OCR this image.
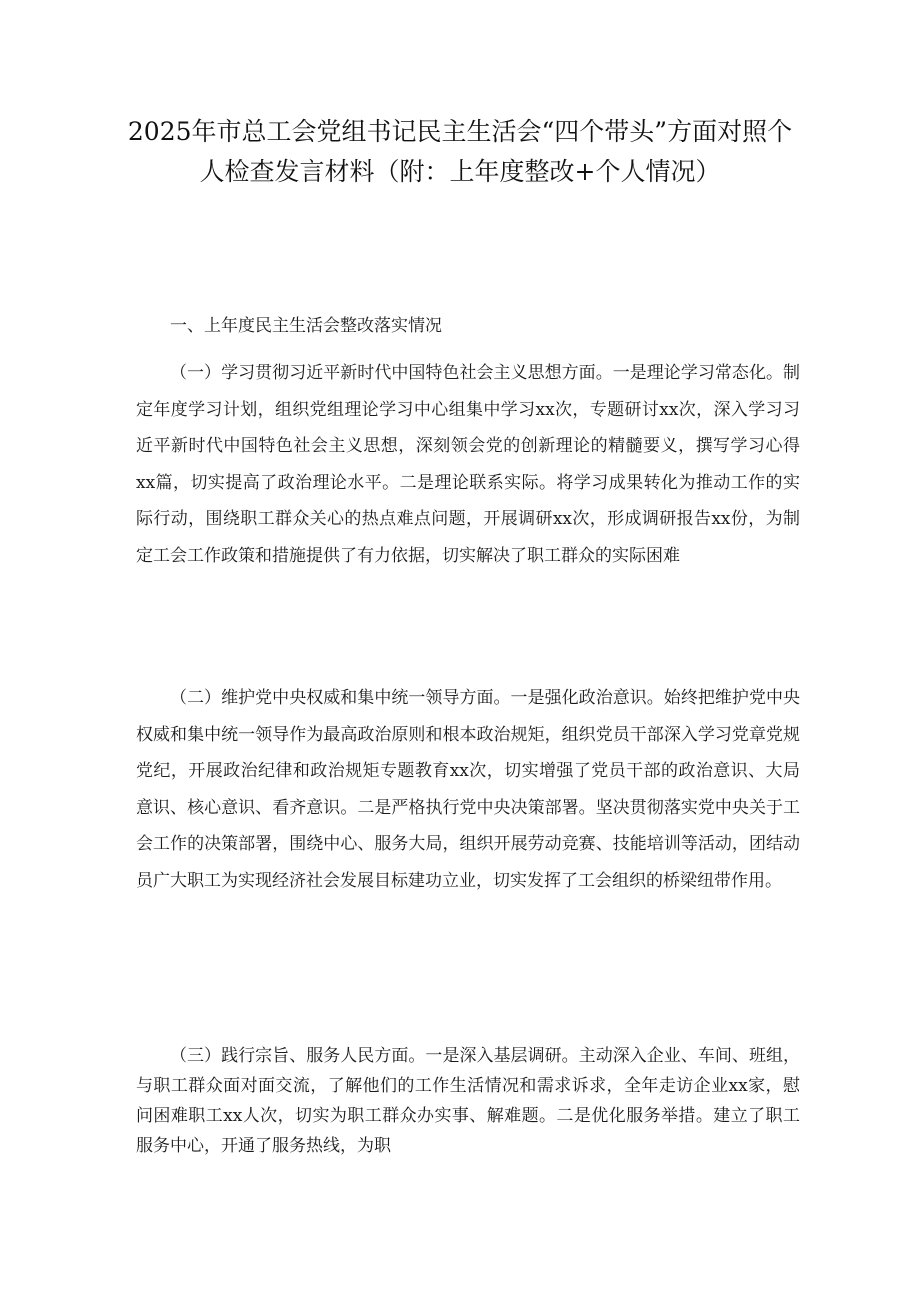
2025年市总工会党组书记民主生活会“四个带头”方面对照个人检查发言材料（附：上年度整改+个人情况）

一、上年度民主生活会整改落实情况

（一）学习贯彻习近平新时代中国特色社会主义思想方面。一是理论学习常态化。制定年度学习计划，组织党组理论学习中心组集中学习xx次，专题研讨xx次，深入学习习近平新时代中国特色社会主义思想，深刻领会党的创新理论的精髓要义，撰写学习心得xx篇，切实提高了政治理论水平。二是理论联系实际。将学习成果转化为推动工作的实际行动，围绕职工群众关心的热点难点问题，开展调研xx次，形成调研报告xx份，为制定工会工作政策和措施提供了有力依据，切实解决了职工群众的实际困难

（二）维护党中央权威和集中统一领导方面。一是强化政治意识。始终把维护党中央权威和集中统一领导作为最高政治原则和根本政治规矩，组织党员干部深入学习党章党规党纪，开展政治纪律和政治规矩专题教育xx次，切实增强了党员干部的政治意识、大局意识、核心意识、看齐意识。二是严格执行党中央决策部署。坚决贯彻落实党中央关于工会工作的决策部署，围绕中心、服务大局，组织开展劳动竞赛、技能培训等活动，团结动员广大职工为实现经济社会发展目标建功立业，切实发挥了工会组织的桥梁纽带作用。

（三）践行宗旨、服务人民方面。一是深入基层调研。主动深入企业、车间、班组，与职工群众面对面交流，了解他们的工作生活情况和需求诉求，全年走访企业xx家，慰问困难职工xx人次，切实为职工群众办实事、解难题。二是优化服务举措。建立了职工服务中心，开通了服务热线，为职
